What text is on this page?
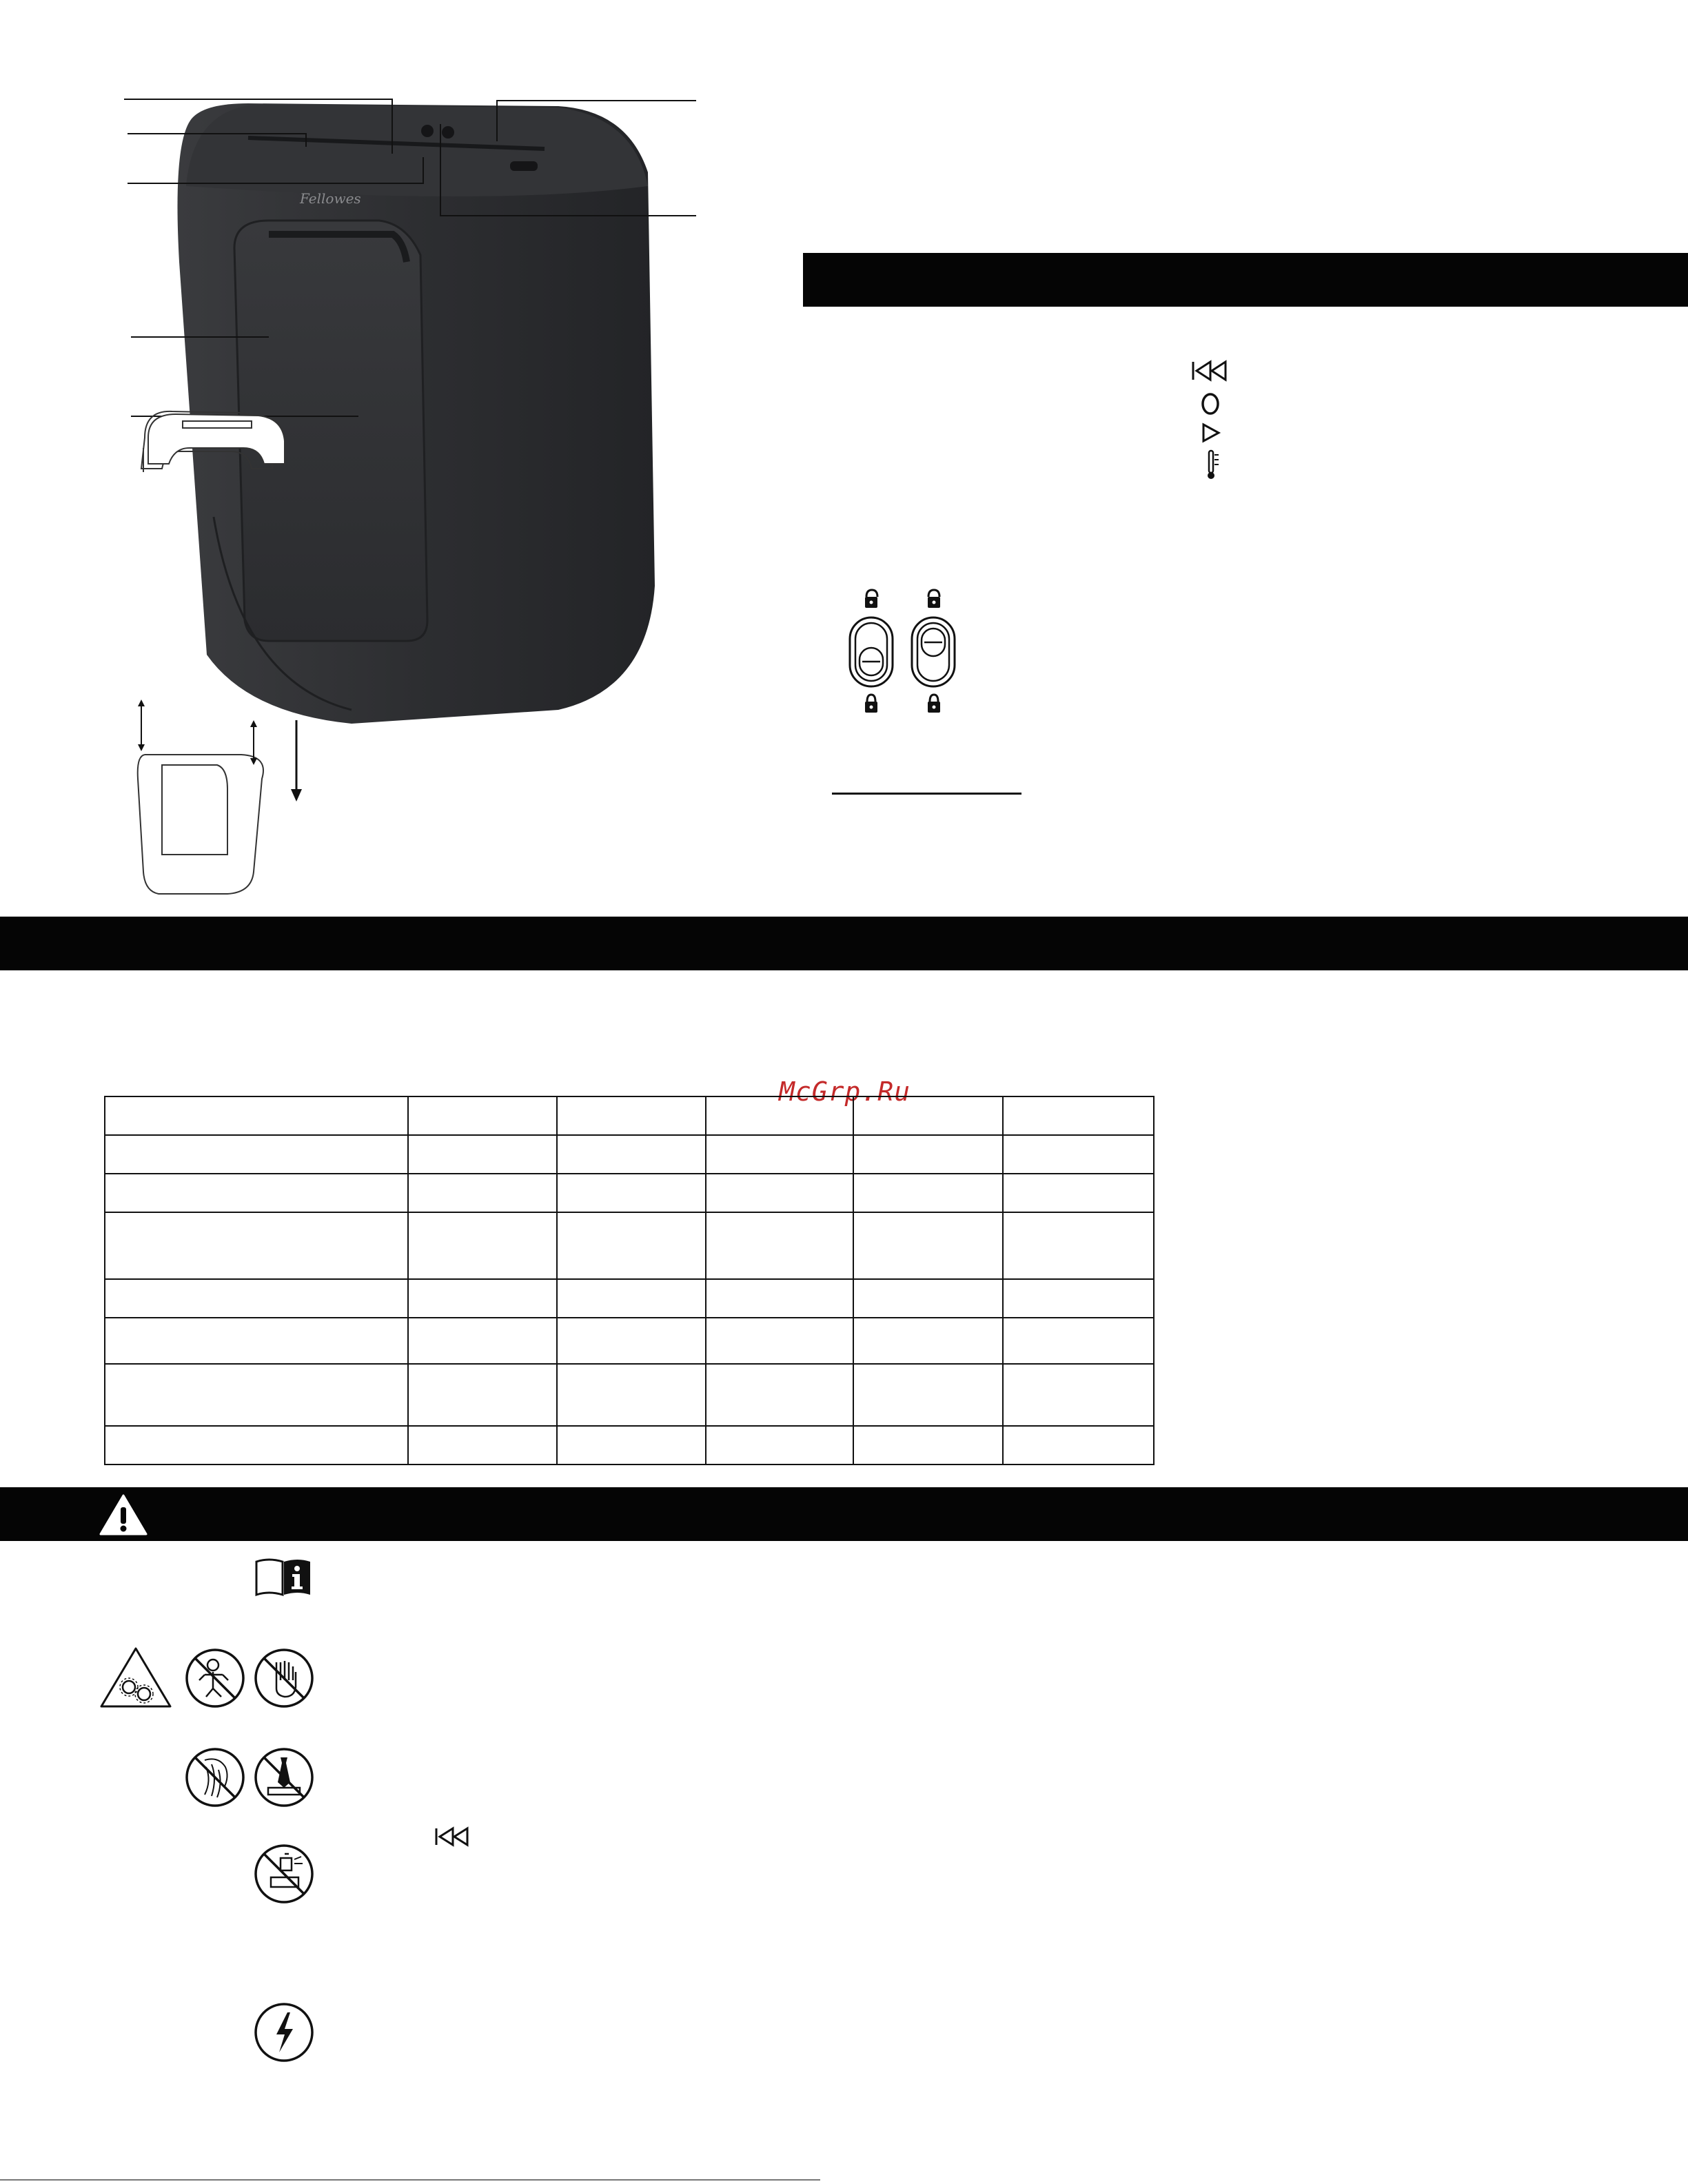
Fellowes
McGrp.Ru
